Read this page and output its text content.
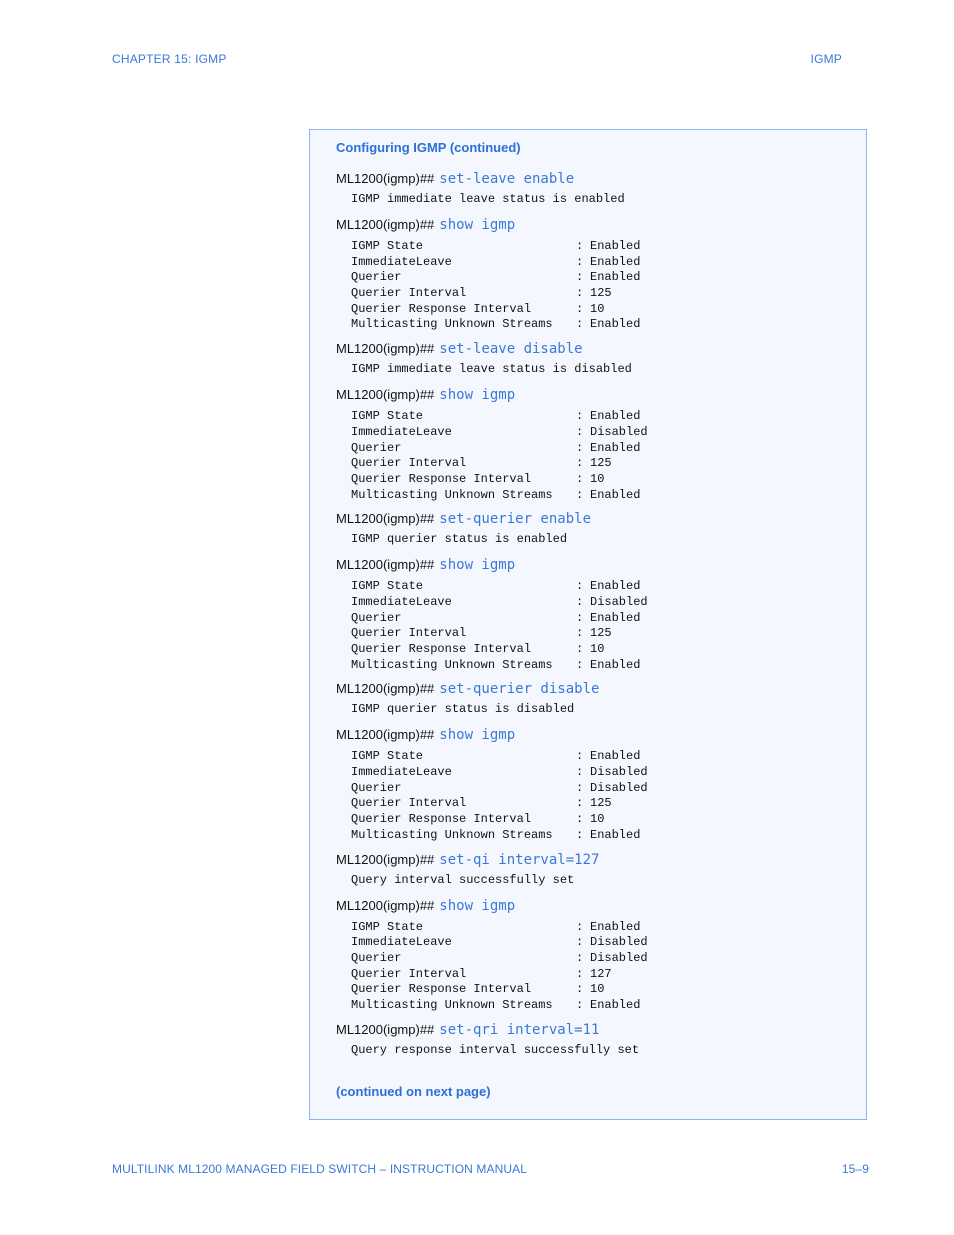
CHAPTER 15: IGMP	IGMP
Configuring IGMP (continued)
ML1200(igmp)## set-leave enable
IGMP immediate leave status is enabled
ML1200(igmp)## show igmp
IGMP State	: Enabled
ImmediateLeave	: Enabled
Querier	: Enabled
Querier Interval	: 125
Querier Response Interval	: 10
Multicasting Unknown Streams	: Enabled
ML1200(igmp)## set-leave disable
IGMP immediate leave status is disabled
ML1200(igmp)## show igmp
IGMP State	: Enabled
ImmediateLeave	: Disabled
Querier	: Enabled
Querier Interval	: 125
Querier Response Interval	: 10
Multicasting Unknown Streams	: Enabled
ML1200(igmp)## set-querier enable
IGMP querier status is enabled
ML1200(igmp)## show igmp
IGMP State	: Enabled
ImmediateLeave	: Disabled
Querier	: Enabled
Querier Interval	: 125
Querier Response Interval	: 10
Multicasting Unknown Streams	: Enabled
ML1200(igmp)## set-querier disable
IGMP querier status is disabled
ML1200(igmp)## show igmp
IGMP State	: Enabled
ImmediateLeave	: Disabled
Querier	: Disabled
Querier Interval	: 125
Querier Response Interval	: 10
Multicasting Unknown Streams	: Enabled
ML1200(igmp)## set-qi interval=127
Query interval successfully set
ML1200(igmp)## show igmp
IGMP State	: Enabled
ImmediateLeave	: Disabled
Querier	: Disabled
Querier Interval	: 127
Querier Response Interval	: 10
Multicasting Unknown Streams	: Enabled
ML1200(igmp)## set-qri interval=11
Query response interval successfully set
(continued on next page)
MULTILINK ML1200 MANAGED FIELD SWITCH – INSTRUCTION MANUAL	15–9
